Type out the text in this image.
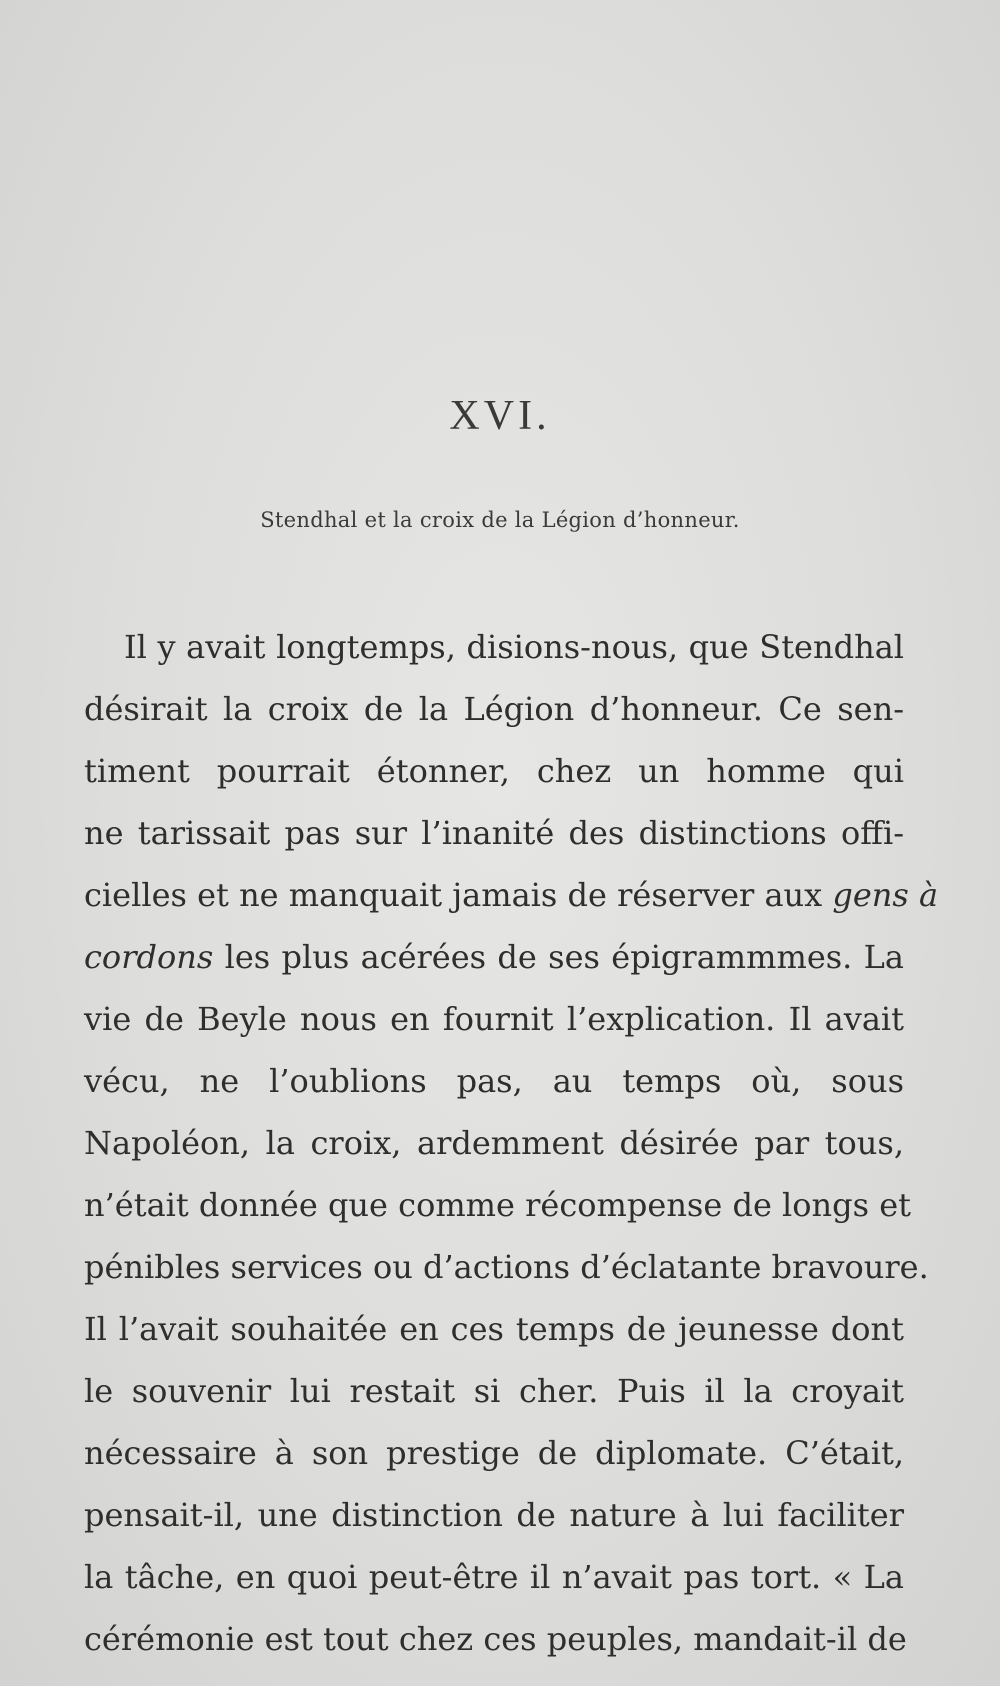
XVI.
Stendhal et la croix de la Légion d’honneur.
Il y avait longtemps, disions-nous, que Stendhal
désirait la croix de la Légion d’honneur. Ce sen-
timent pourrait étonner, chez un homme qui
ne tarissait pas sur l’inanité des distinctions offi-
cielles et ne manquait jamais de réserver aux gens à
cordons les plus acérées de ses épigrammmes. La
vie de Beyle nous en fournit l’explication. Il avait
vécu, ne l’oublions pas, au temps où, sous
Napoléon, la croix, ardemment désirée par tous,
n’était donnée que comme récompense de longs et
pénibles services ou d’actions d’éclatante bravoure.
Il l’avait souhaitée en ces temps de jeunesse dont
le souvenir lui restait si cher. Puis il la croyait
nécessaire à son prestige de diplomate. C’était,
pensait-il, une distinction de nature à lui faciliter
la tâche, en quoi peut-être il n’avait pas tort. « La
cérémonie est tout chez ces peuples, mandait-il de
